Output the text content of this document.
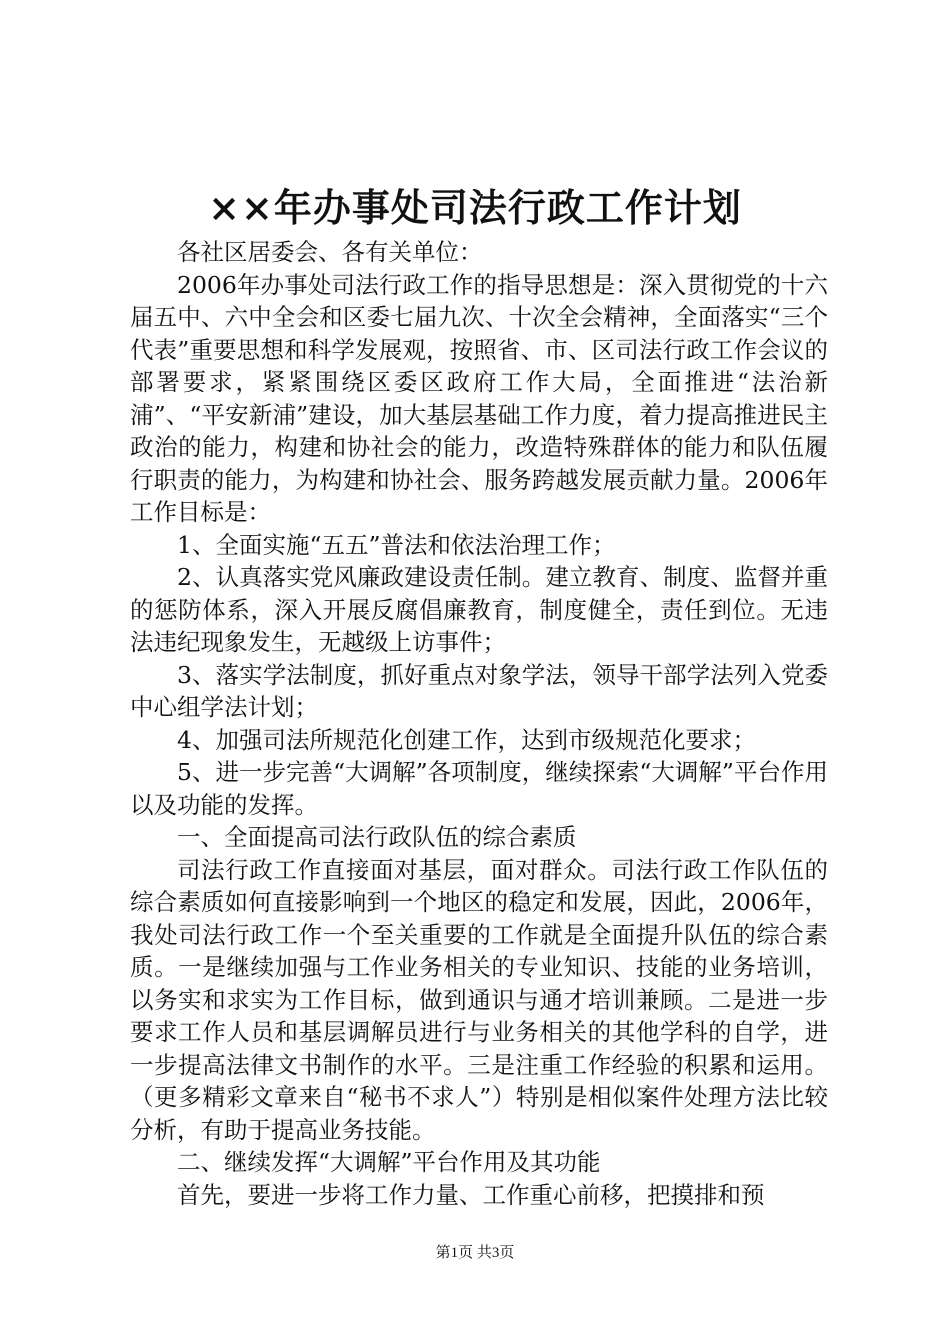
××年办事处司法行政工作计划

各社区居委会、各有关单位：

2006年办事处司法行政工作的指导思想是：深入贯彻党的十六届五中、六中全会和区委七届九次、十次全会精神，全面落实“三个代表”重要思想和科学发展观，按照省、市、区司法行政工作会议的部署要求，紧紧围绕区委区政府工作大局，全面推进“法治新浦”、“平安新浦”建设，加大基层基础工作力度，着力提高推进民主政治的能力，构建和协社会的能力，改造特殊群体的能力和队伍履行职责的能力，为构建和协社会、服务跨越发展贡献力量。2006年工作目标是：

1、全面实施“五五”普法和依法治理工作；

2、认真落实党风廉政建设责任制。建立教育、制度、监督并重的惩防体系，深入开展反腐倡廉教育，制度健全，责任到位。无违法违纪现象发生，无越级上访事件；

3、落实学法制度，抓好重点对象学法，领导干部学法列入党委中心组学法计划；

4、加强司法所规范化创建工作，达到市级规范化要求；

5、进一步完善“大调解”各项制度，继续探索“大调解”平台作用以及功能的发挥。

一、全面提高司法行政队伍的综合素质

司法行政工作直接面对基层，面对群众。司法行政工作队伍的综合素质如何直接影响到一个地区的稳定和发展，因此，2006年，我处司法行政工作一个至关重要的工作就是全面提升队伍的综合素质。一是继续加强与工作业务相关的专业知识、技能的业务培训，以务实和求实为工作目标，做到通识与通才培训兼顾。二是进一步要求工作人员和基层调解员进行与业务相关的其他学科的自学，进一步提高法律文书制作的水平。三是注重工作经验的积累和运用。（更多精彩文章来自“秘书不求人”）特别是相似案件处理方法比较分析，有助于提高业务技能。

二、继续发挥“大调解”平台作用及其功能

首先，要进一步将工作力量、工作重心前移，把摸排和预

第1页 共3页
